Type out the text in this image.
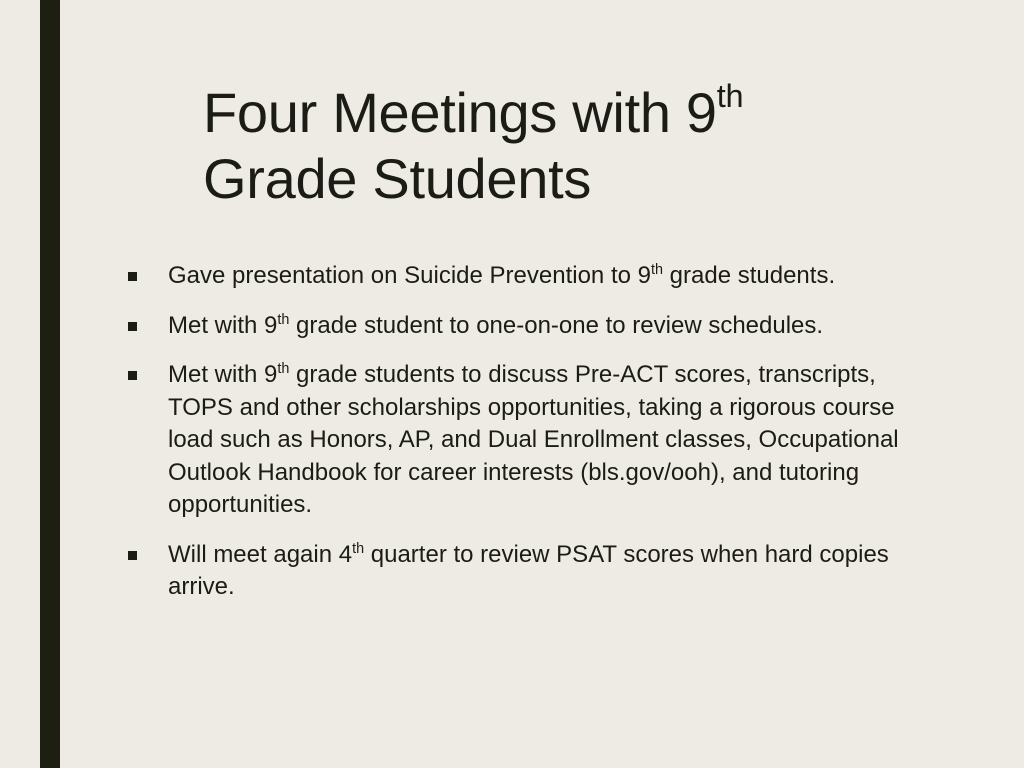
Four Meetings with 9th
Grade Students
Gave presentation on Suicide Prevention to 9th grade students.
Met with 9th grade student to one-on-one to review schedules.
Met with 9th grade students to discuss Pre-ACT scores, transcripts, TOPS and other scholarships opportunities, taking a rigorous course load such as Honors, AP, and Dual Enrollment classes, Occupational Outlook Handbook for career interests (bls.gov/ooh), and tutoring opportunities.
Will meet again 4th quarter to review PSAT scores when hard copies arrive.
